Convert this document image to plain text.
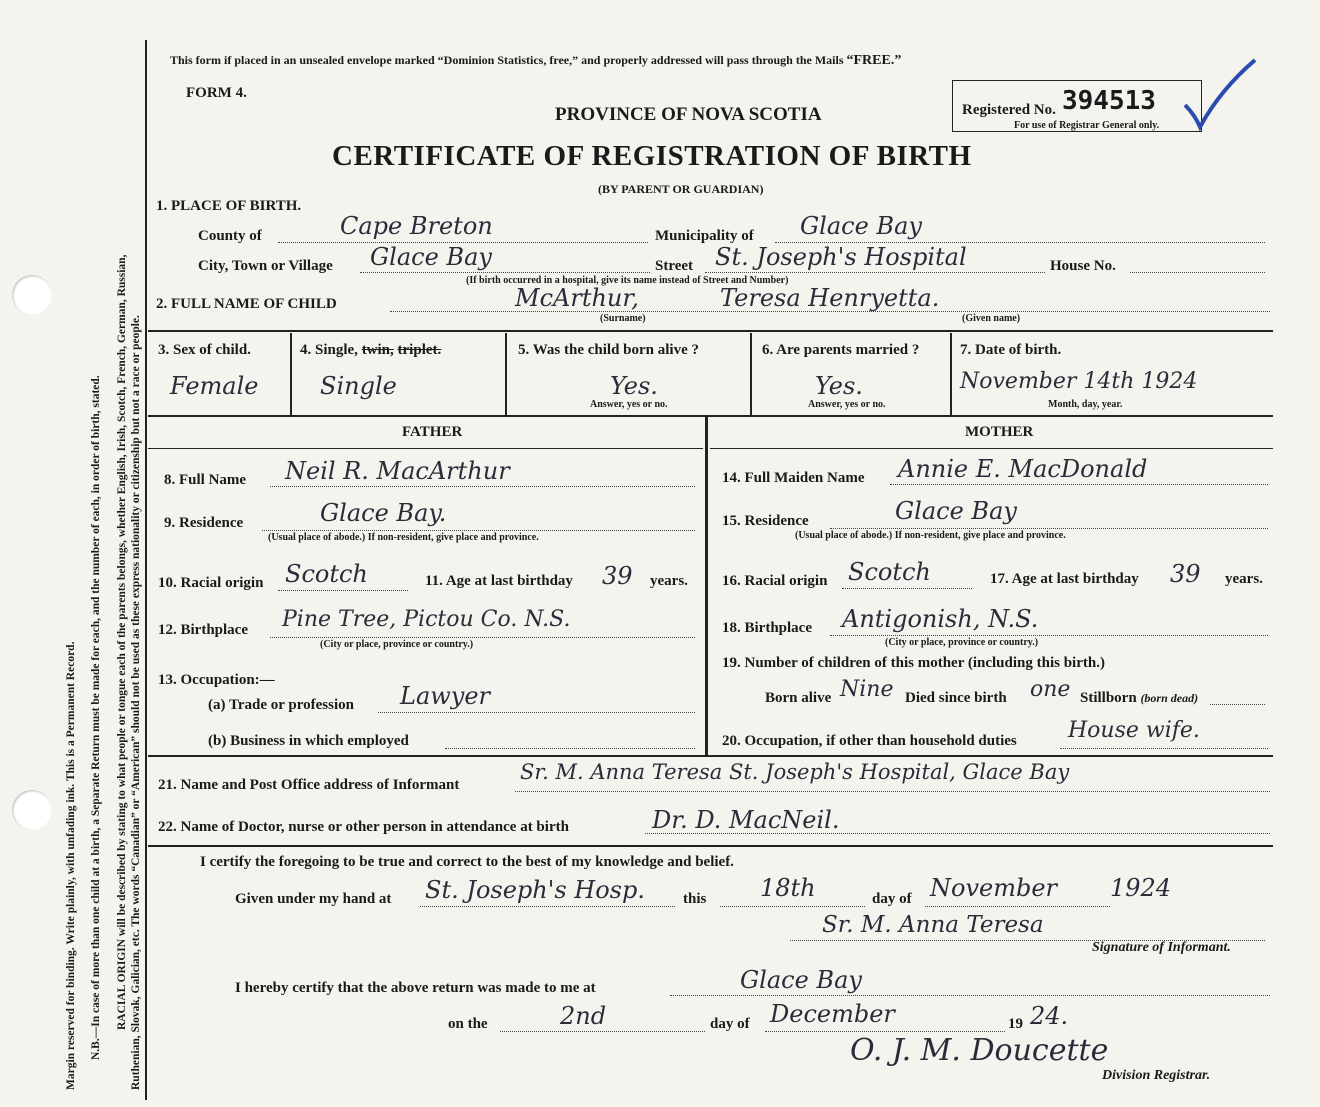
RACIAL ORIGIN will be described by stating to what people or tongue each of the parents belongs, whether English, Irish, Scotch, French, German, Russian, Ruthenian, Slovak, Galician, etc. The words “Canadian” or “American” should not be used as these express nationality or citizenship but not a race or people.
N.B.—In case of more than one child at a birth, a Separate Return must be made for each, and the number of each, in order of birth, stated.
Margin reserved for binding. Write plainly, with unfading ink. This is a Permanent Record.
This form if placed in an unsealed envelope marked “Dominion Statistics, free,” and properly addressed will pass through the Mails “FREE.”
FORM 4.
PROVINCE OF NOVA SCOTIA
CERTIFICATE OF REGISTRATION OF BIRTH
(BY PARENT OR GUARDIAN)
Registered No. 394513
For use of Registrar General only.
1. PLACE OF BIRTH.
County of	Cape Breton	Municipality of Glace Bay
City, Town or Village Glace Bay	Street St. Joseph's Hospital	House No.
(If birth occurred in a hospital, give its name instead of Street and Number)
2. FULL NAME OF CHILD	McArthur,	Teresa Henryetta.
(Surname)	(Given name)
3. Sex of child.
Female
4. Single, twin, triplet.
Single
5. Was the child born alive ?
Yes.
Answer, yes or no.
6. Are parents married ?
Yes.
Answer, yes or no.
7. Date of birth.
November 14th 1924
Month, day, year.
FATHER	MOTHER
8. Full Name Neil R. MacArthur
9. Residence	Glace Bay.
(Usual place of abode.) If non-resident, give place and province.
10. Racial origin Scotch	11. Age at last birthday 39 years.
12. Birthplace Pine Tree, Pictou Co. N.S.
(City or place, province or country.)
13. Occupation:—
(a) Trade or profession Lawyer
(b) Business in which employed
14. Full Maiden Name Annie E. MacDonald
15. Residence	Glace Bay
(Usual place of abode.) If non-resident, give place and province.
16. Racial origin Scotch	17. Age at last birthday 39 years.
18. Birthplace Antigonish, N.S.
(City or place, province or country.)
19. Number of children of this mother (including this birth.)
Born alive Nine Died since birth one Stillborn (born dead)
20. Occupation, if other than household duties House wife.
21. Name and Post Office address of Informant
Sr. M. Anna Teresa St. Joseph's Hospital, Glace Bay
22. Name of Doctor, nurse or other person in attendance at birth	Dr. D. MacNeil.
I certify the foregoing to be true and correct to the best of my knowledge and belief.
Given under my hand at St. Joseph's Hosp.	this 18th	day of November 1924
Sr. M. Anna Teresa
Signature of Informant.
I hereby certify that the above return was made to me at	Glace Bay
on the	2nd	day of December	19 24.
O. J. M. Doucette
Division Registrar.
